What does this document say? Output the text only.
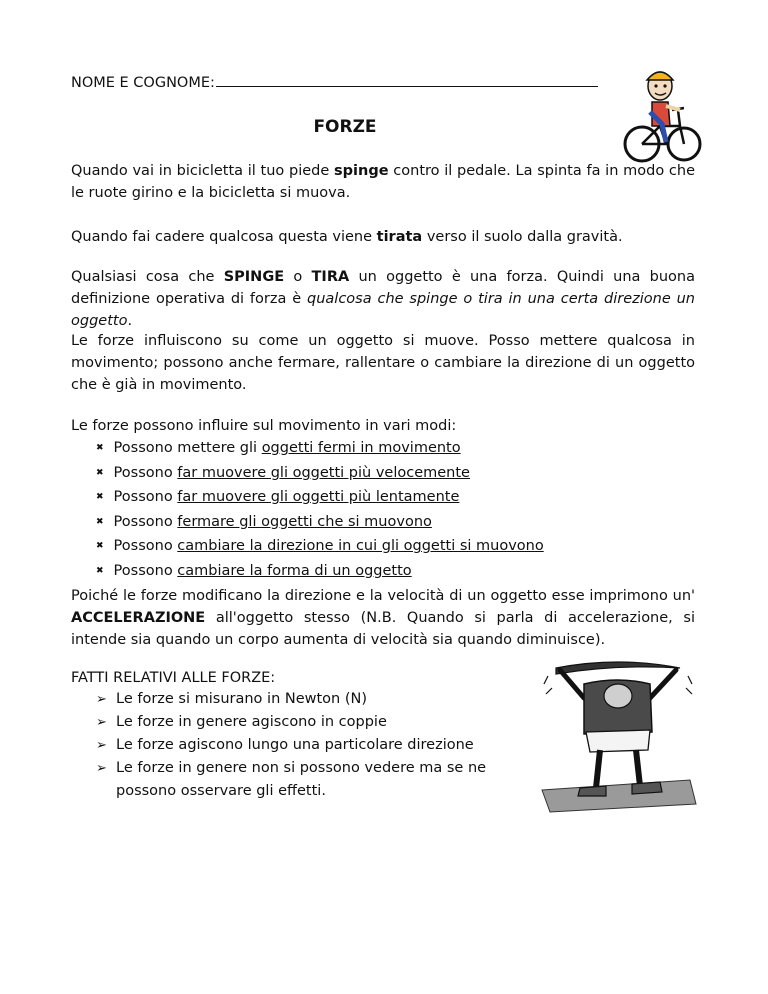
NOME E COGNOME:
FORZE

Quando vai in bicicletta il tuo piede spinge contro il pedale. La spinta fa in modo che le ruote girino e la bicicletta si muova.

Quando fai cadere qualcosa questa viene tirata verso il suolo dalla gravità.

Qualsiasi cosa che SPINGE o TIRA un oggetto è una forza. Quindi una buona definizione operativa di forza è qualcosa che spinge o tira in una certa direzione un oggetto.

Le forze influiscono su come un oggetto si muove. Posso mettere qualcosa in movimento; possono anche fermare, rallentare o cambiare la direzione di un oggetto che è già in movimento.

Le forze possono influire sul movimento in vari modi:

✖ Possono mettere gli oggetti fermi in movimento
✖ Possono far muovere gli oggetti più velocemente
✖ Possono far muovere gli oggetti più lentamente
✖ Possono fermare gli oggetti che si muovono
✖ Possono cambiare la direzione in cui gli oggetti si muovono
✖ Possono cambiare la forma di un oggetto

Poiché le forze modificano la direzione e la velocità di un oggetto esse imprimono un' ACCELERAZIONE all'oggetto stesso (N.B. Quando si parla di accelerazione, si intende sia quando un corpo aumenta di velocità sia quando diminuisce).

FATTI RELATIVI ALLE FORZE:

➢ Le forze si misurano in Newton (N)
➢ Le forze in genere agiscono in coppie
➢ Le forze agiscono lungo una particolare direzione
➢ Le forze in genere non si possono vedere ma se ne possono osservare gli effetti.
